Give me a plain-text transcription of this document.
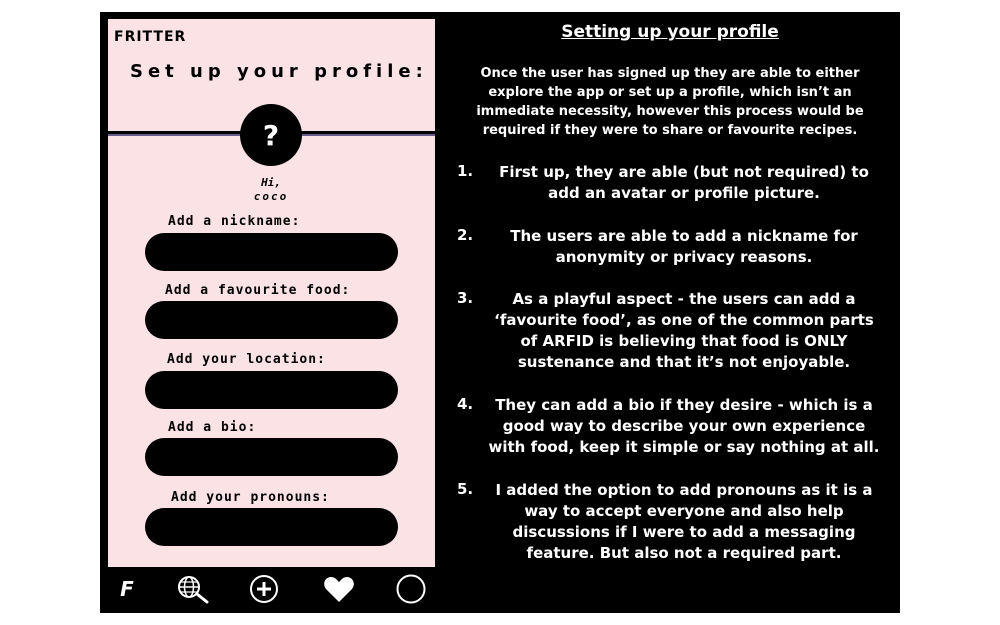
FRITTER
Set up your profile:
?
Hi,
coco
Add a nickname:
Add a favourite food:
Add your location:
Add a bio:
Add your pronouns:
F
Setting up your profile
Once the user has signed up they are able to either explore the app or set up a profile, which isn’t an immediate necessity, however this process would be required if they were to share or favourite recipes.
1.	First up, they are able (but not required) to add an avatar or profile picture.
2.	The users are able to add a nickname for anonymity or privacy reasons.
3.	As a playful aspect - the users can add a ‘favourite food’, as one of the common parts of ARFID is believing that food is ONLY sustenance and that it’s not enjoyable.
4.	They can add a bio if they desire - which is a good way to describe your own experience with food, keep it simple or say nothing at all.
5.	I added the option to add pronouns as it is a way to accept everyone and also help discussions if I were to add a messaging feature. But also not a required part.
